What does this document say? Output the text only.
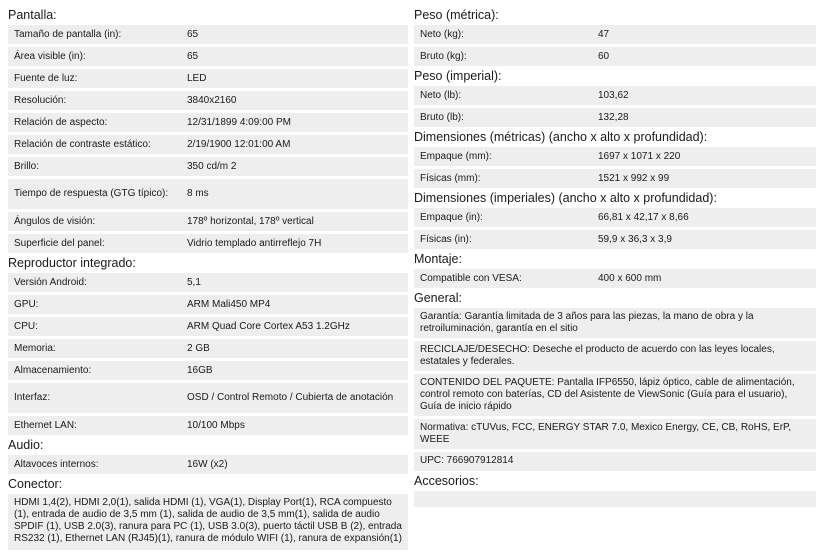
Pantalla:
Tamaño de pantalla (in):	65
Área visible (in):	65
Fuente de luz:	LED
Resolución:	3840x2160
Relación de aspecto:	12/31/1899 4:09:00 PM
Relación de contraste estático:	2/19/1900 12:01:00 AM
Brillo:	350 cd/m 2
Tiempo de respuesta (GTG típico):	8 ms
Ángulos de visión:	178º horizontal, 178º vertical
Superficie del panel:	Vidrio templado antirreflejo 7H
Reproductor integrado:
Versión Android:	5,1
GPU:	ARM Mali450 MP4
CPU:	ARM Quad Core Cortex A53 1.2GHz
Memoria:	2 GB
Almacenamiento:	16GB
Interfaz:	OSD / Control Remoto / Cubierta de anotación
Ethernet LAN:	10/100 Mbps
Audio:
Altavoces internos:	16W (x2)
Conector:
HDMI 1,4(2), HDMI 2,0(1), salida HDMI (1), VGA(1), Display Port(1), RCA compuesto (1), entrada de audio de 3,5 mm (1), salida de audio de 3,5 mm(1), salida de audio SPDIF (1), USB 2.0(3), ranura para PC (1), USB 3.0(3), puerto táctil USB B (2), entrada RS232 (1), Ethernet LAN (RJ45)(1), ranura de módulo WIFI (1), ranura de expansión(1)
Peso (métrica):
Neto (kg):	47
Bruto (kg):	60
Peso (imperial):
Neto (lb):	103,62
Bruto (lb):	132,28
Dimensiones (métricas) (ancho x alto x profundidad):
Empaque (mm):	1697 x 1071 x 220
Físicas (mm):	1521 x 992 x 99
Dimensiones (imperiales) (ancho x alto x profundidad):
Empaque (in):	66,81 x 42,17 x 8,66
Físicas (in):	59,9 x 36,3 x 3,9
Montaje:
Compatible con VESA:	400 x 600 mm
General:
Garantía: Garantía limitada de 3 años para las piezas, la mano de obra y la retroiluminación, garantía en el sitio
RECICLAJE/DESECHO: Deseche el producto de acuerdo con las leyes locales, estatales y federales.
CONTENIDO DEL PAQUETE: Pantalla IFP6550, lápiz óptico, cable de alimentación, control remoto con baterías, CD del Asistente de ViewSonic (Guía para el usuario), Guía de inicio rápido
Normativa: cTUVus, FCC, ENERGY STAR 7.0, Mexico Energy, CE, CB, RoHS, ErP, WEEE
UPC: 766907912814
Accesorios:
